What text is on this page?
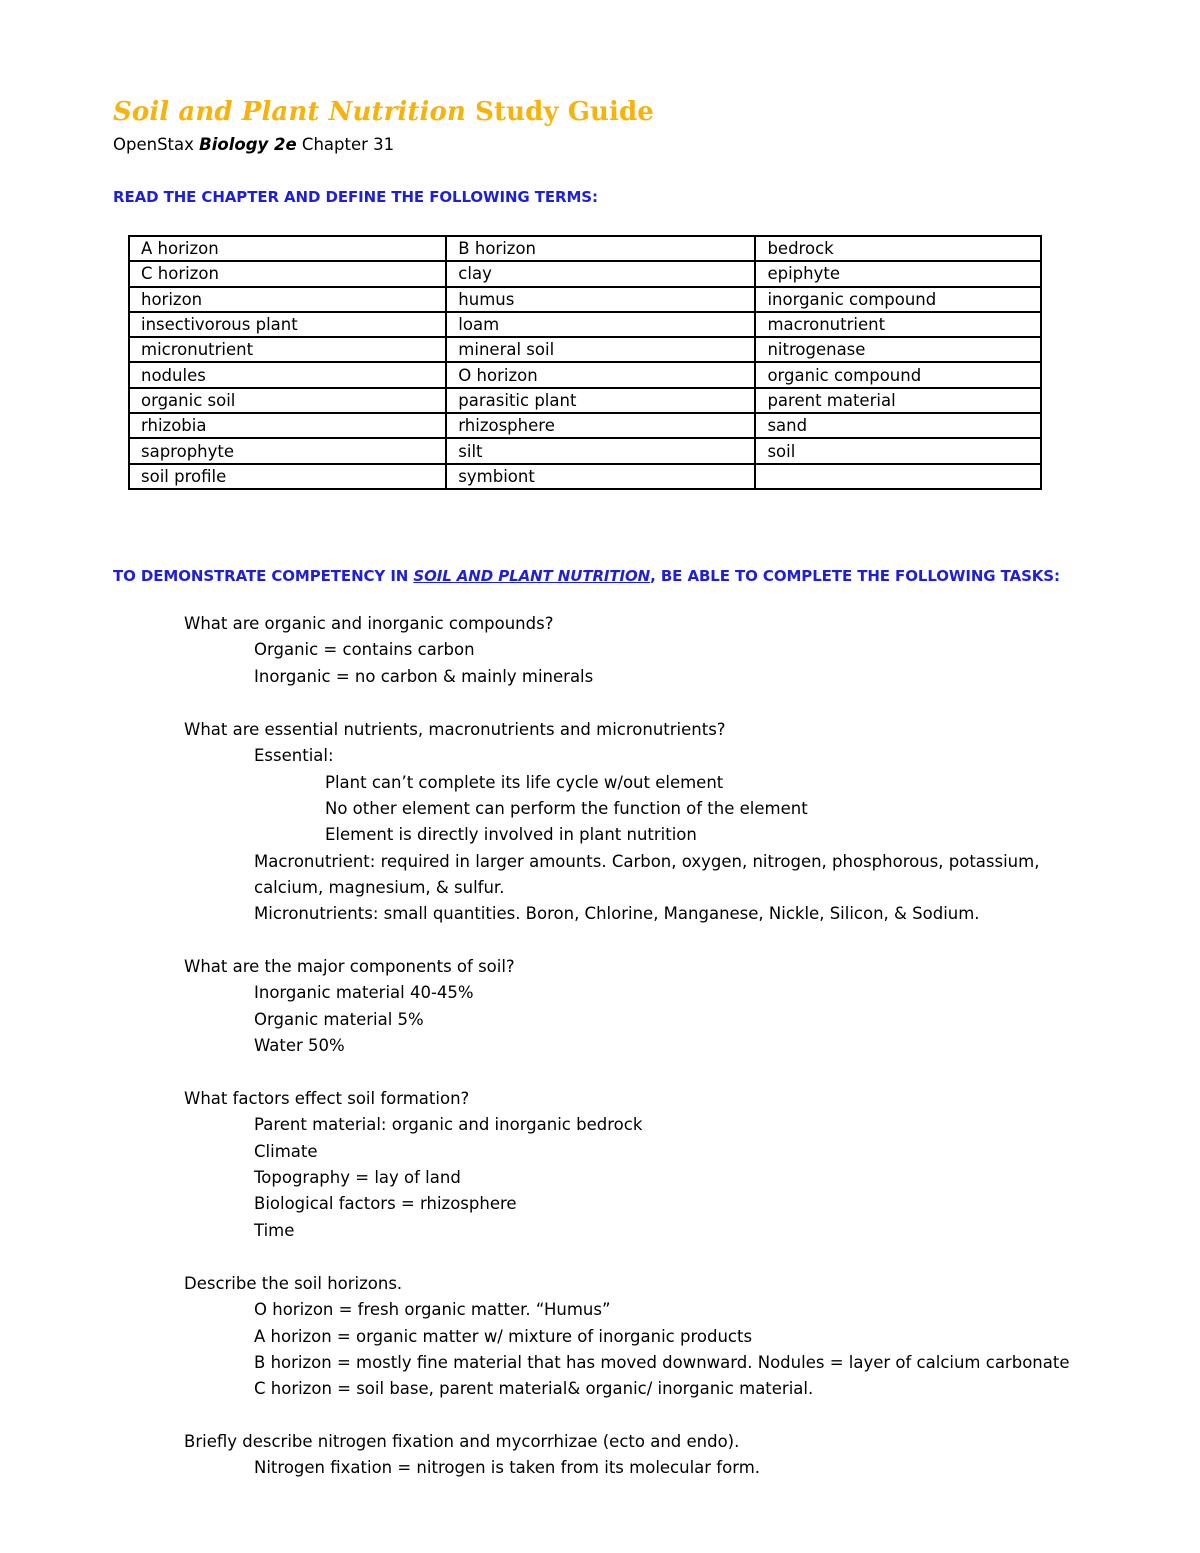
Soil and Plant Nutrition Study Guide
OpenStax Biology 2e Chapter 31
READ THE CHAPTER AND DEFINE THE FOLLOWING TERMS:
A horizon	B horizon	bedrock
C horizon	clay	epiphyte
horizon	humus	inorganic compound
insectivorous plant	loam	macronutrient
micronutrient	mineral soil	nitrogenase
nodules	O horizon	organic compound
organic soil	parasitic plant	parent material
rhizobia	rhizosphere	sand
saprophyte	silt	soil
soil profile	symbiont	
TO DEMONSTRATE COMPETENCY IN SOIL AND PLANT NUTRITION, BE ABLE TO COMPLETE THE FOLLOWING TASKS:
What are organic and inorganic compounds?
Organic = contains carbon
Inorganic = no carbon & mainly minerals
What are essential nutrients, macronutrients and micronutrients?
Essential:
Plant can’t complete its life cycle w/out element
No other element can perform the function of the element
Element is directly involved in plant nutrition
Macronutrient: required in larger amounts. Carbon, oxygen, nitrogen, phosphorous, potassium,
calcium, magnesium, & sulfur.
Micronutrients: small quantities. Boron, Chlorine, Manganese, Nickle, Silicon, & Sodium.
What are the major components of soil?
Inorganic material 40-45%
Organic material 5%
Water 50%
What factors effect soil formation?
Parent material: organic and inorganic bedrock
Climate
Topography = lay of land
Biological factors = rhizosphere
Time
Describe the soil horizons.
O horizon = fresh organic matter. “Humus”
A horizon = organic matter w/ mixture of inorganic products
B horizon = mostly fine material that has moved downward. Nodules = layer of calcium carbonate
C horizon = soil base, parent material& organic/ inorganic material.
Briefly describe nitrogen fixation and mycorrhizae (ecto and endo).
Nitrogen fixation = nitrogen is taken from its molecular form.
